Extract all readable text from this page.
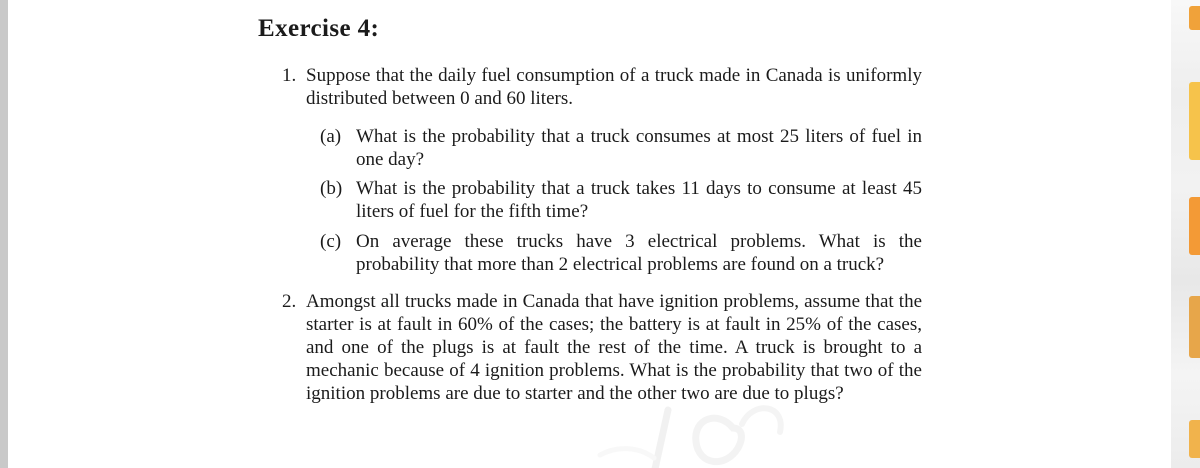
Exercise 4:
1. Suppose that the daily fuel consumption of a truck made in Canada is uniformly distributed between 0 and 60 liters.
(a) What is the probability that a truck consumes at most 25 liters of fuel in one day?
(b) What is the probability that a truck takes 11 days to consume at least 45 liters of fuel for the fifth time?
(c) On average these trucks have 3 electrical problems. What is the probability that more than 2 electrical problems are found on a truck?
2. Amongst all trucks made in Canada that have ignition problems, assume that the starter is at fault in 60% of the cases; the battery is at fault in 25% of the cases, and one of the plugs is at fault the rest of the time. A truck is brought to a mechanic because of 4 ignition problems. What is the probability that two of the ignition problems are due to starter and the other two are due to plugs?
